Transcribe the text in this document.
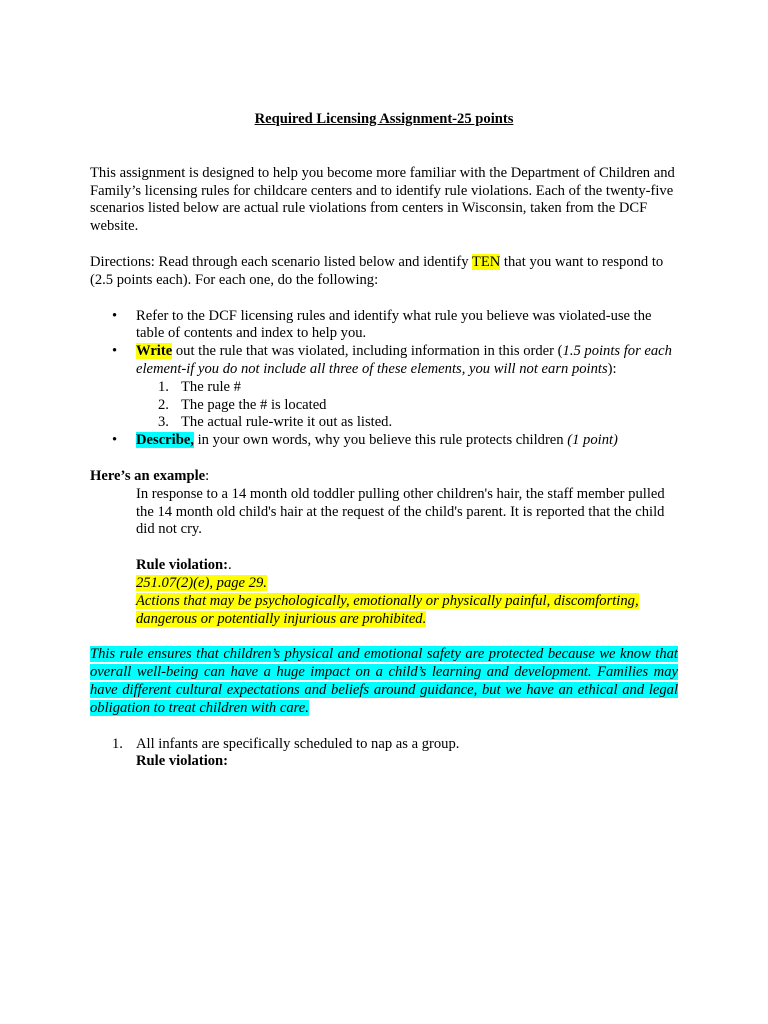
Required Licensing Assignment-25 points

This assignment is designed to help you become more familiar with the Department of Children and Family’s licensing rules for childcare centers and to identify rule violations. Each of the twenty-five scenarios listed below are actual rule violations from centers in Wisconsin, taken from the DCF website.

Directions: Read through each scenario listed below and identify TEN that you want to respond to (2.5 points each). For each one, do the following:

• Refer to the DCF licensing rules and identify what rule you believe was violated-use the table of contents and index to help you.
• Write out the rule that was violated, including information in this order (1.5 points for each element-if you do not include all three of these elements, you will not earn points):
1. The rule #
2. The page the # is located
3. The actual rule-write it out as listed.
• Describe, in your own words, why you believe this rule protects children (1 point)

Here’s an example:

In response to a 14 month old toddler pulling other children's hair, the staff member pulled the 14 month old child's hair at the request of the child's parent. It is reported that the child did not cry.

Rule violation:.

251.07(2)(e), page 29.

Actions that may be psychologically, emotionally or physically painful, discomforting, dangerous or potentially injurious are prohibited.

This rule ensures that children’s physical and emotional safety are protected because we know that overall well-being can have a huge impact on a child’s learning and development. Families may have different cultural expectations and beliefs around guidance, but we have an ethical and legal obligation to treat children with care.

1. All infants are specifically scheduled to nap as a group.

Rule violation:
